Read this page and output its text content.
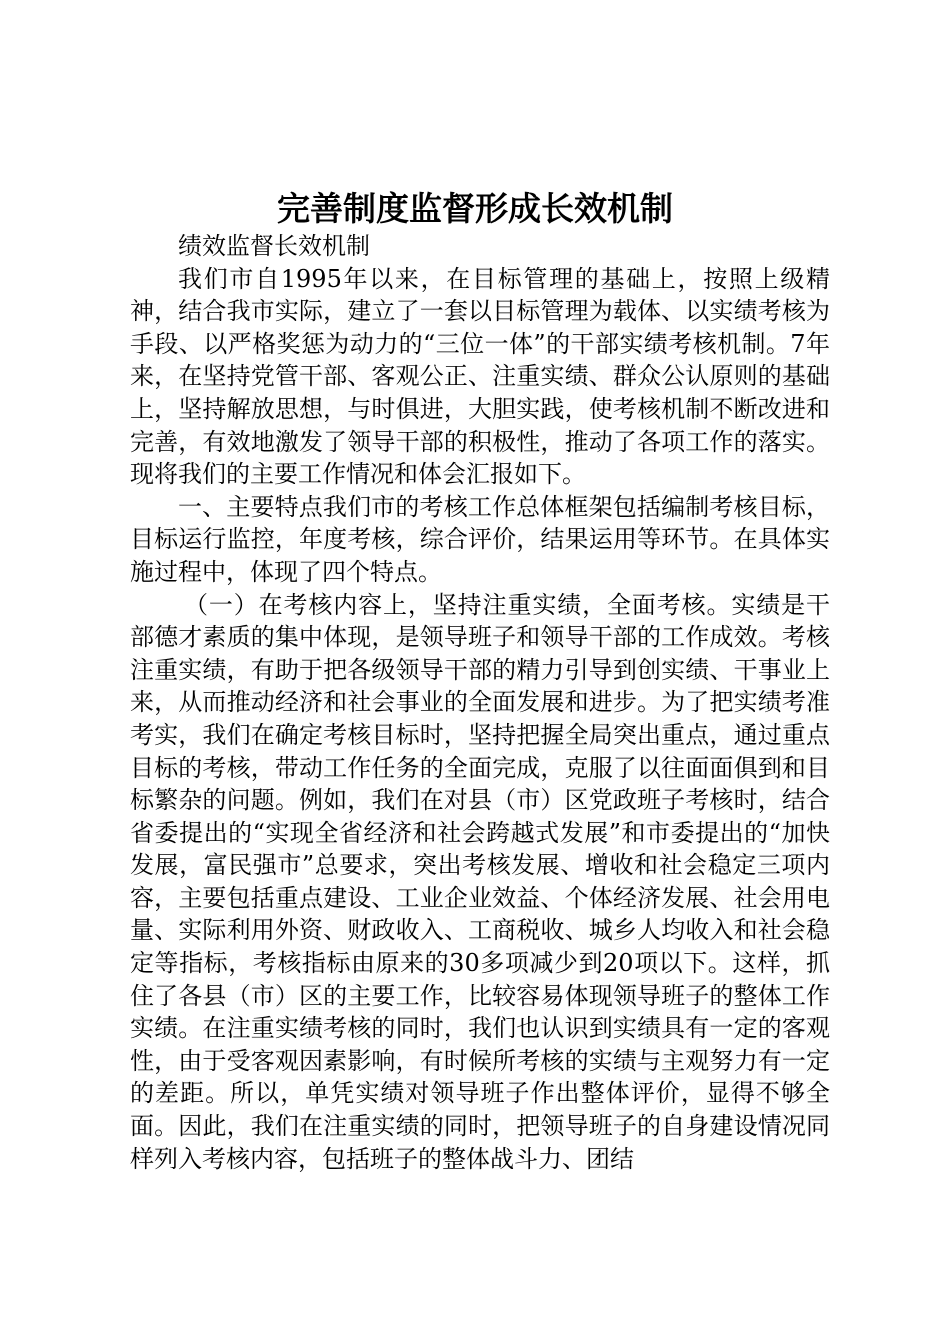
完善制度监督形成长效机制

绩效监督长效机制

我们市自1995年以来，在目标管理的基础上，按照上级精神，结合我市实际，建立了一套以目标管理为载体、以实绩考核为手段、以严格奖惩为动力的“三位一体”的干部实绩考核机制。7年来，在坚持党管干部、客观公正、注重实绩、群众公认原则的基础上，坚持解放思想，与时俱进，大胆实践，使考核机制不断改进和完善，有效地激发了领导干部的积极性，推动了各项工作的落实。现将我们的主要工作情况和体会汇报如下。

一、主要特点我们市的考核工作总体框架包括编制考核目标，目标运行监控，年度考核，综合评价，结果运用等环节。在具体实施过程中，体现了四个特点。

（一）在考核内容上，坚持注重实绩，全面考核。实绩是干部德才素质的集中体现，是领导班子和领导干部的工作成效。考核注重实绩，有助于把各级领导干部的精力引导到创实绩、干事业上来，从而推动经济和社会事业的全面发展和进步。为了把实绩考准考实，我们在确定考核目标时，坚持把握全局突出重点，通过重点目标的考核，带动工作任务的全面完成，克服了以往面面俱到和目标繁杂的问题。例如，我们在对县（市）区党政班子考核时，结合省委提出的“实现全省经济和社会跨越式发展”和市委提出的“加快发展，富民强市”总要求，突出考核发展、增收和社会稳定三项内容，主要包括重点建设、工业企业效益、个体经济发展、社会用电量、实际利用外资、财政收入、工商税收、城乡人均收入和社会稳定等指标，考核指标由原来的30多项减少到20项以下。这样，抓住了各县（市）区的主要工作，比较容易体现领导班子的整体工作实绩。在注重实绩考核的同时，我们也认识到实绩具有一定的客观性，由于受客观因素影响，有时候所考核的实绩与主观努力有一定的差距。所以，单凭实绩对领导班子作出整体评价，显得不够全面。因此，我们在注重实绩的同时，把领导班子的自身建设情况同样列入考核内容，包括班子的整体战斗力、团结
